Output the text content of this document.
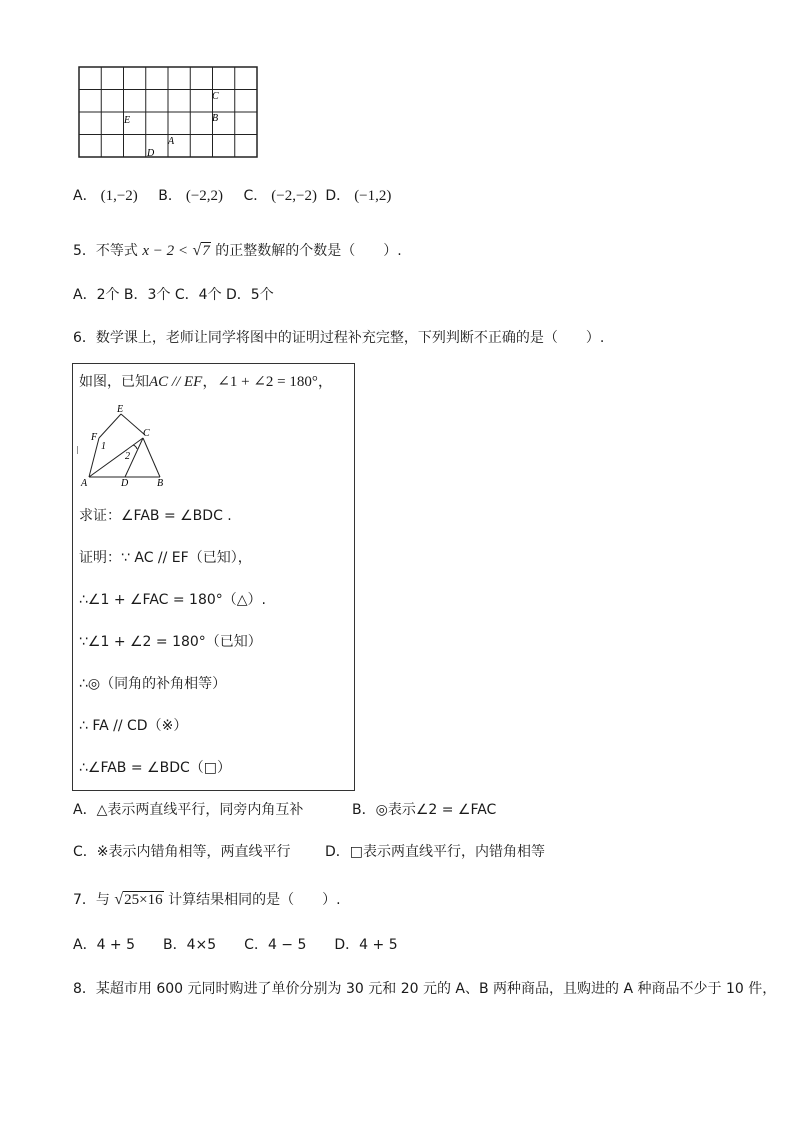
C
B
E
A
D
A． (1,−2) B． (−2,2) C． (−2,−2) D． (−1,2)
5．不等式 x − 2 < √7 的正整数解的个数是（　　）.
A．2个 B．3个 C．4个 D．5个
6．数学课上，老师让同学将图中的证明过程补充完整，下列判断不正确的是（　　）.
如图，已知AC // EF，∠1 + ∠2 = 180°，
E
F	C
1
2
A	D	B
求证：∠FAB = ∠BDC .
证明：∵ AC // EF（已知），
∴∠1 + ∠FAC = 180°（△）.
∵∠1 + ∠2 = 180°（已知）
∴◎（同角的补角相等）
∴ FA // CD（※）
∴∠FAB = ∠BDC（□）
A．△表示两直线平行，同旁内角互补	B．◎表示∠2 = ∠FAC
C．※表示内错角相等，两直线平行 D．□表示两直线平行，内错角相等
7．与 √25×16 计算结果相同的是（　　）.
A．4 + 5　　B．4×5　　C．4 − 5　　D．4 + 5
8．某超市用 600 元同时购进了单价分别为 30 元和 20 元的 A、B 两种商品，且购进的 A 种商品不少于 10 件，
